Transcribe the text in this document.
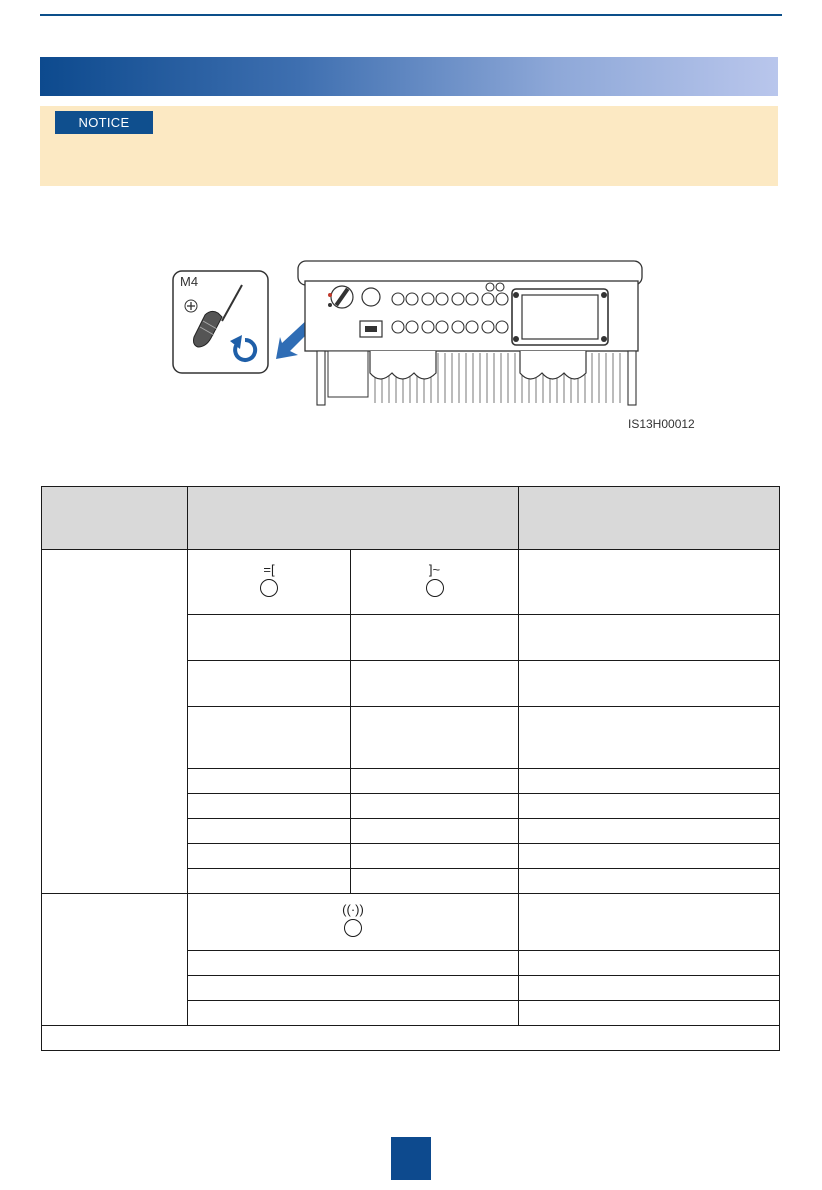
NOTICE
M4
IS13H00012

	=[	]~	

	((·))		
